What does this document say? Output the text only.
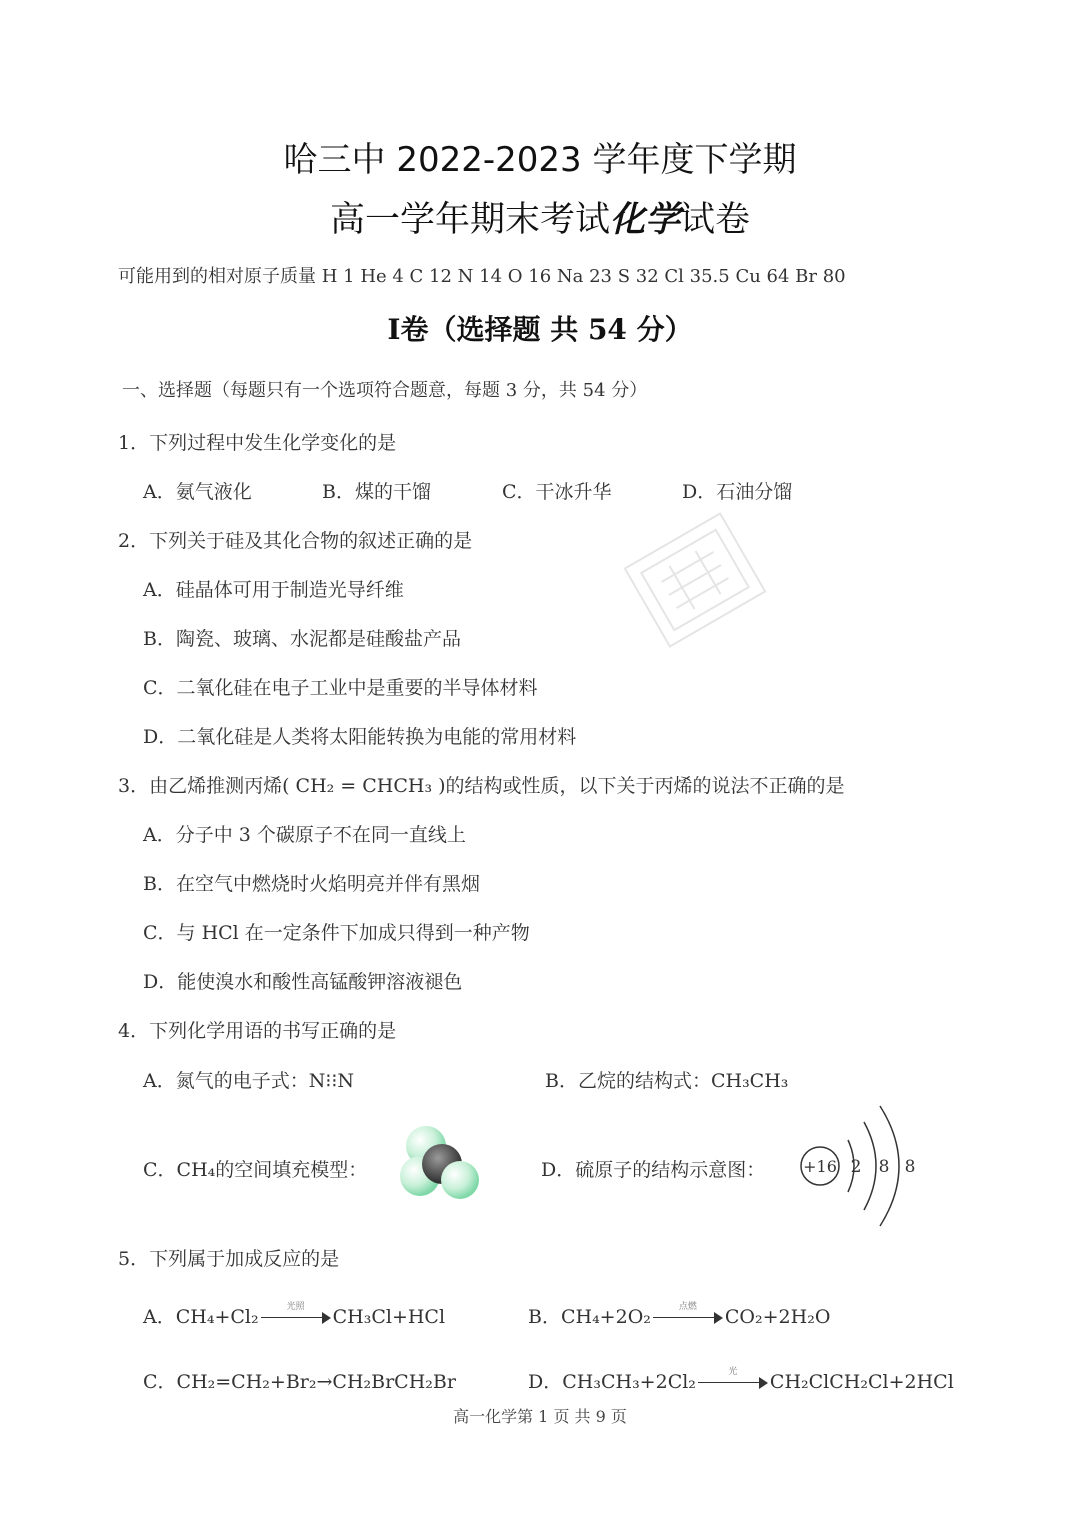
哈三中 2022-2023 学年度下学期
高一学年期末考试化学试卷
可能用到的相对原子质量 H 1 He 4 C 12 N 14 O 16 Na 23 S 32 Cl 35.5 Cu 64 Br 80
I卷（选择题 共 54 分）
一、选择题（每题只有一个选项符合题意，每题 3 分，共 54 分）
1．下列过程中发生化学变化的是
A．氨气液化	B．煤的干馏	C．干冰升华	D．石油分馏
2．下列关于硅及其化合物的叙述正确的是
A．硅晶体可用于制造光导纤维
B．陶瓷、玻璃、水泥都是硅酸盐产品
C．二氧化硅在电子工业中是重要的半导体材料
D．二氧化硅是人类将太阳能转换为电能的常用材料
3．由乙烯推测丙烯( CH₂ = CHCH₃ )的结构或性质，以下关于丙烯的说法不正确的是
A．分子中 3 个碳原子不在同一直线上
B．在空气中燃烧时火焰明亮并伴有黑烟
C．与 HCl 在一定条件下加成只得到一种产物
D．能使溴水和酸性高锰酸钾溶液褪色
4．下列化学用语的书写正确的是
A．氮气的电子式：N⁝⁝N	B．乙烷的结构式：CH₃CH₃
C．CH₄的空间填充模型：	D．硫原子的结构示意图： +16 2 8 8
5．下列属于加成反应的是
A．CH₄+Cl₂	光照	CH₃Cl+HCl	B．CH₄+2O₂	点燃	CO₂+2H₂O
C．CH₂=CH₂+Br₂→CH₂BrCH₂Br	D．CH₃CH₃+2Cl₂	光	CH₂ClCH₂Cl+2HCl
高一化学第 1 页 共 9 页
